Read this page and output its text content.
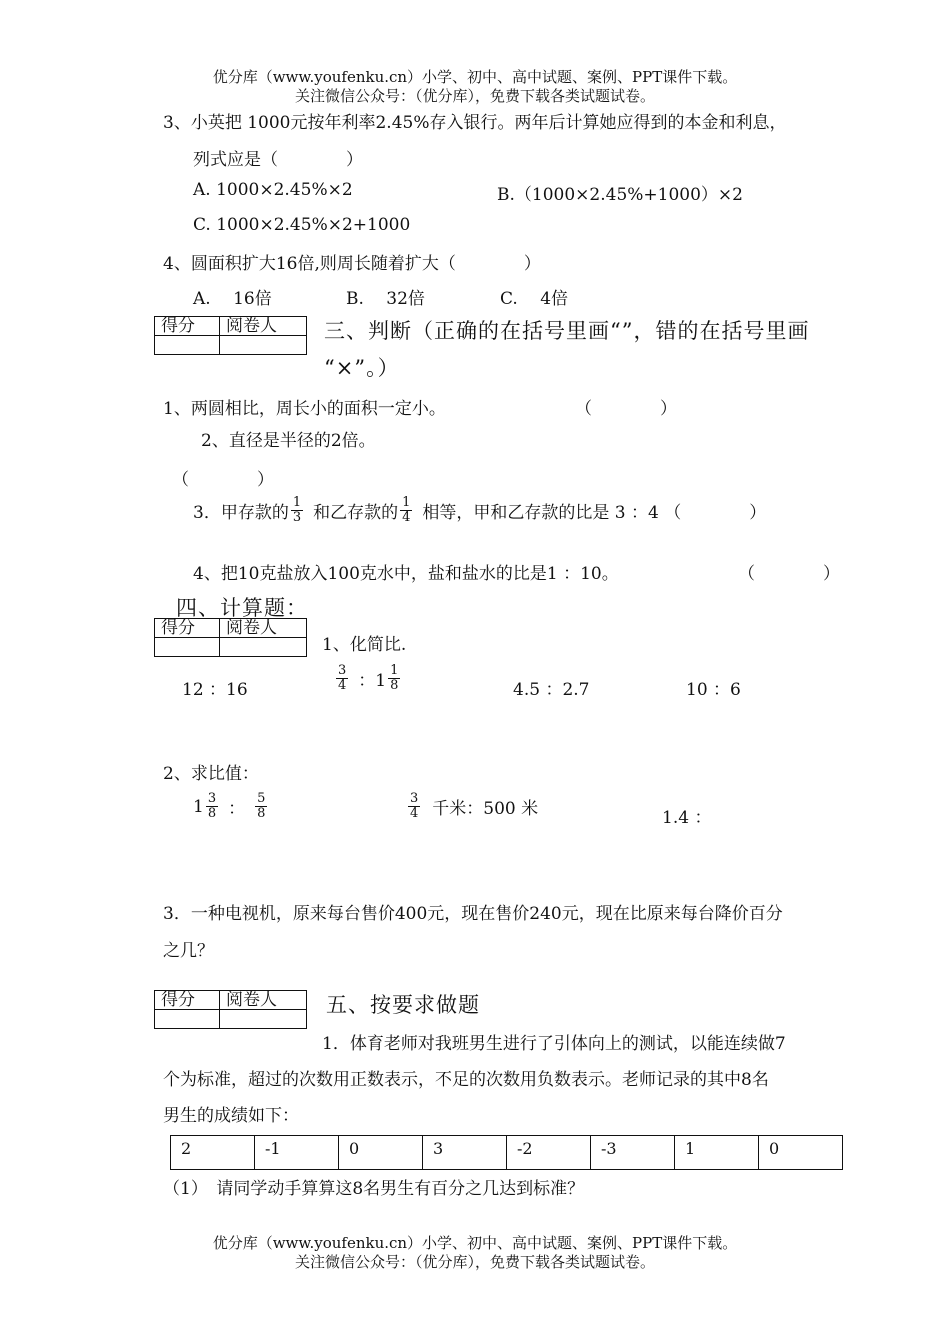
优分库（www.youfenku.cn）小学、初中、高中试题、案例、PPT课件下载。
关注微信公众号：（优分库），免费下载各类试题试卷。
3、小英把 1000元按年利率2.45%存入银行。两年后计算她应得到的本金和利息，
列式应是（　　　　）
A. 1000×2.45%×2	B.（1000×2.45%+1000）×2
C. 1000×2.45%×2+1000
4、圆面积扩大16倍,则周长随着扩大（　　　　）
A.　 16倍	B.　 32倍	C.　 4倍
得分	阅卷人
	三、判断（正确的在括号里画“”，错的在括号里画
“×”。）
1、两圆相比，周长小的面积一定小。	（　　　　）
2、直径是半径的2倍。
（　　　　）
3．甲存款的 $\frac{1}{3}$ 和乙存款的 $\frac{1}{4}$ 相等，甲和乙存款的比是 3 ：4 （　　　　）
4、把10克盐放入100克水中，盐和盐水的比是1 ：10。	（　　　　）
四、计算题：
得分	阅卷人

1、化简比.
12 ：16	$\frac{3}{4}$ ：$1 \frac{1}{8}$	4.5 ：2.7	10 ：6
2、求比值：
$1 \frac{3}{8}$ ： $\frac{5}{8}$	$\frac{3}{4}$ 千米：500 米	1.4 ：
3．一种电视机，原来每台售价400元，现在售价240元，现在比原来每台降价百分
之几？
得分	阅卷人
	五、按要求做题
1．体育老师对我班男生进行了引体向上的测试，以能连续做7
个为标准，超过的次数用正数表示，不足的次数用负数表示。老师记录的其中8名
男生的成绩如下：
2	-1	0	3	-2	-3	1	0
（1）　请同学动手算算这8名男生有百分之几达到标准？
优分库（www.youfenku.cn）小学、初中、高中试题、案例、PPT课件下载。
关注微信公众号：（优分库），免费下载各类试题试卷。
